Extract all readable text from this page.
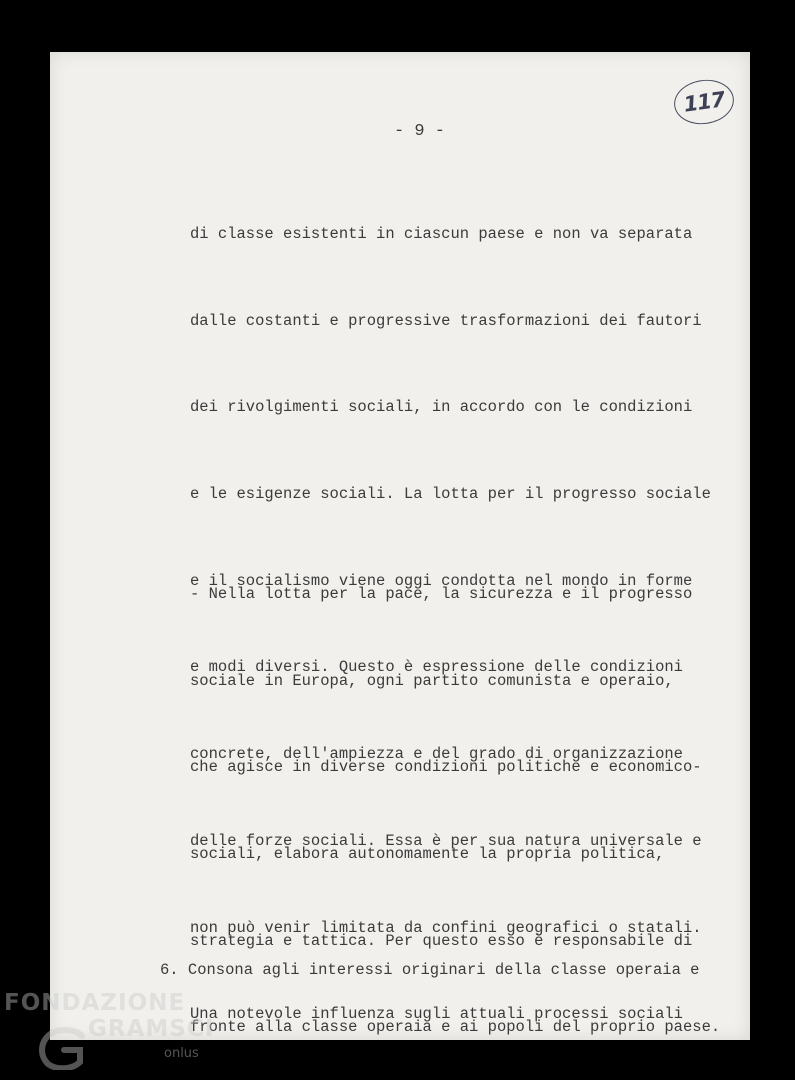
117
- 9 -

di classe esistenti in ciascun paese e non va separata

dalle costanti e progressive trasformazioni dei fautori

dei rivolgimenti sociali, in accordo con le condizioni

e le esigenze sociali. La lotta per il progresso sociale

e il socialismo viene oggi condotta nel mondo in forme

e modi diversi. Questo è espressione delle condizioni

concrete, dell'ampiezza e del grado di organizzazione

delle forze sociali. Essa è per sua natura universale e

non può venir limitata da confini geografici o statali.

Una notevole influenza sugli attuali processi sociali

- Nella lotta per la pace, la sicurezza e il progresso

sociale in Europa, ogni partito comunista e operaio,

che agisce in diverse condizioni politiche e economico-

sociali, elabora autonomamente la propria politica,

strategia e tattica. Per questo esso è responsabile di

fronte alla classe operaia e ai popoli del proprio paese.

6. Consona agli interessi originari della classe operaia e

FONDAZIONE
GRAMSCI
onlus
